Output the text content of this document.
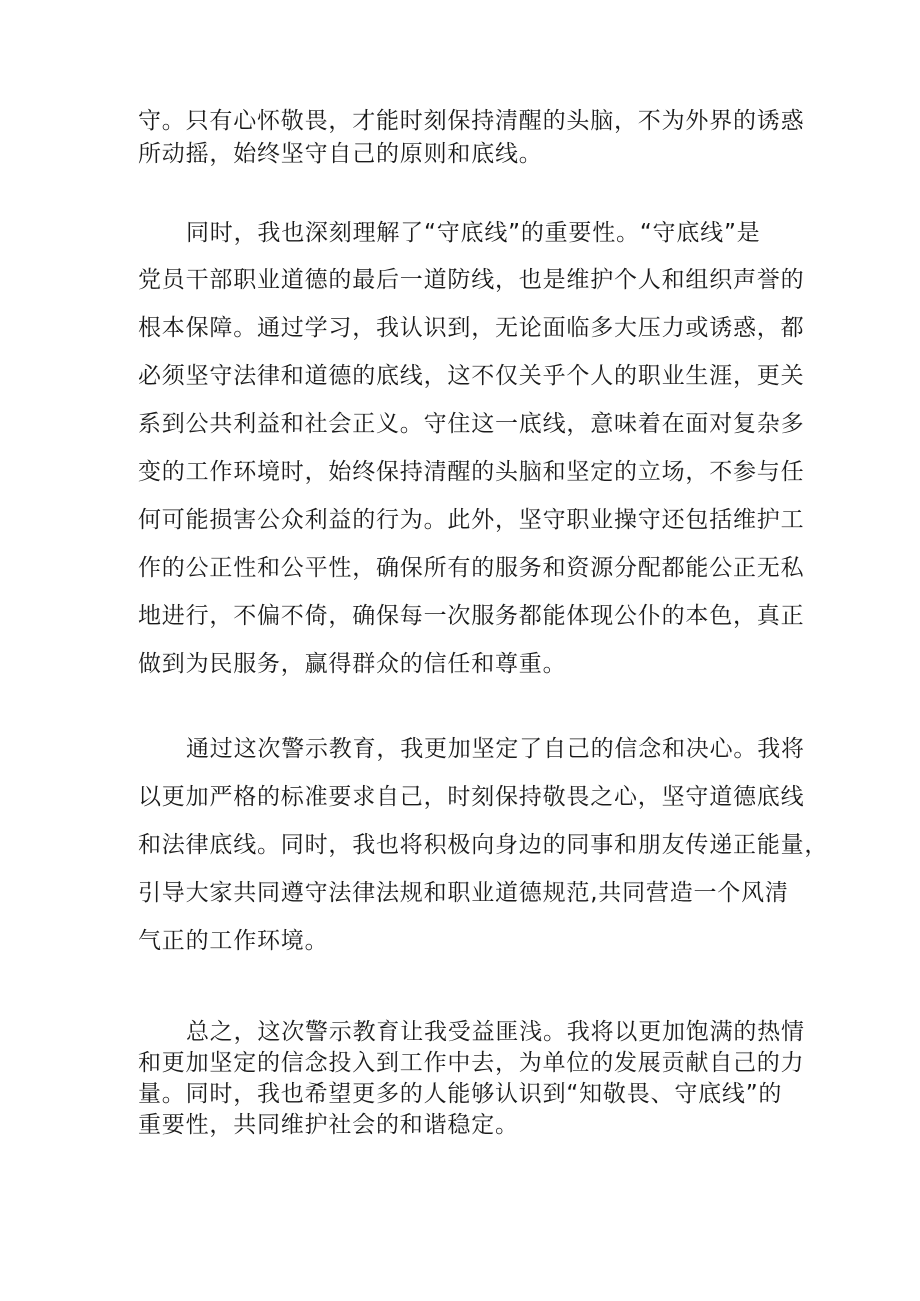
守。只有心怀敬畏，才能时刻保持清醒的头脑，不为外界的诱惑
所动摇，始终坚守自己的原则和底线。
同时，我也深刻理解了“守底线”的重要性。“守底线”是
党员干部职业道德的最后一道防线，也是维护个人和组织声誉的
根本保障。通过学习，我认识到，无论面临多大压力或诱惑，都
必须坚守法律和道德的底线，这不仅关乎个人的职业生涯，更关
系到公共利益和社会正义。守住这一底线，意味着在面对复杂多
变的工作环境时，始终保持清醒的头脑和坚定的立场，不参与任
何可能损害公众利益的行为。此外，坚守职业操守还包括维护工
作的公正性和公平性，确保所有的服务和资源分配都能公正无私
地进行，不偏不倚，确保每一次服务都能体现公仆的本色，真正
做到为民服务，赢得群众的信任和尊重。
通过这次警示教育，我更加坚定了自己的信念和决心。我将
以更加严格的标准要求自己，时刻保持敬畏之心，坚守道德底线
和法律底线。同时，我也将积极向身边的同事和朋友传递正能量，
引导大家共同遵守法律法规和职业道德规范,共同营造一个风清
气正的工作环境。
总之，这次警示教育让我受益匪浅。我将以更加饱满的热情
和更加坚定的信念投入到工作中去，为单位的发展贡献自己的力
量。同时，我也希望更多的人能够认识到“知敬畏、守底线”的
重要性，共同维护社会的和谐稳定。
